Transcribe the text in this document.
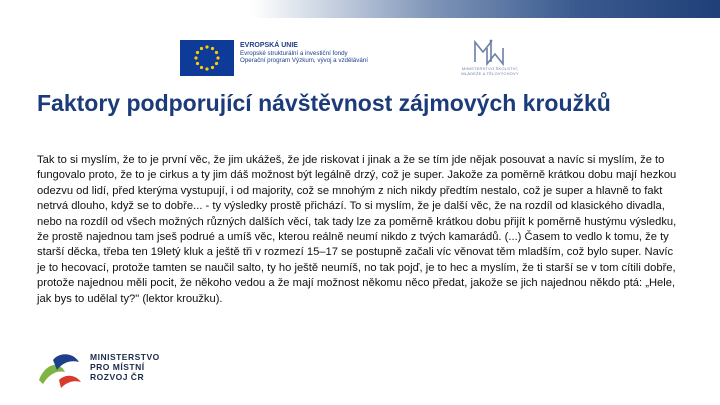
EVROPSKÁ UNIE
Evropské strukturální a investiční fondy
Operační program Výzkum, vývoj a vzdělávání
MINISTERSTVO ŠKOLSTVÍ,
MLÁDEŽE A TĚLOVÝCHOVY
Faktory podporující návštěvnost zájmových kroužků

Tak to si myslím, že to je první věc, že jim ukážeš, že jde riskovat i jinak a že se tím jde nějak posouvat a navíc si myslím, že to fungovalo proto, že to je cirkus a ty jim dáš možnost být legálně drzý, což je super. Jakože za poměrně krátkou dobu mají hezkou odezvu od lidí, před kterýma vystupují, i od majority, což se mnohým z nich nikdy předtím nestalo, což je super a hlavně to fakt netrvá dlouho, když se to dobře... - ty výsledky prostě přichází. To si myslím, že je další věc, že na rozdíl od klasického divadla, nebo na rozdíl od všech možných různých dalších věcí, tak tady lze za poměrně krátkou dobu přijít k poměrně hustýmu výsledku, že prostě najednou tam jseš podrué a umíš věc, kterou reálně neumí nikdo z tvých kamarádů. (...) Časem to vedlo k tomu, že ty starší děcka, třeba ten 19letý kluk a ještě tři v rozmezí 15–17 se postupně začali víc věnovat těm mladším, což bylo super. Navíc je to hecovací, protože tamten se naučil salto, ty ho ještě neumíš, no tak pojď, je to hec a myslím, že ti starší se v tom cítili dobře, protože najednou měli pocit, že někoho vedou a že mají možnost někomu něco předat, jakože se jich najednou někdo ptá: „Hele, jak bys to udělal ty?" (lektor kroužku).

MINISTERSTVO
PRO MÍSTNÍ
ROZVOJ ČR
